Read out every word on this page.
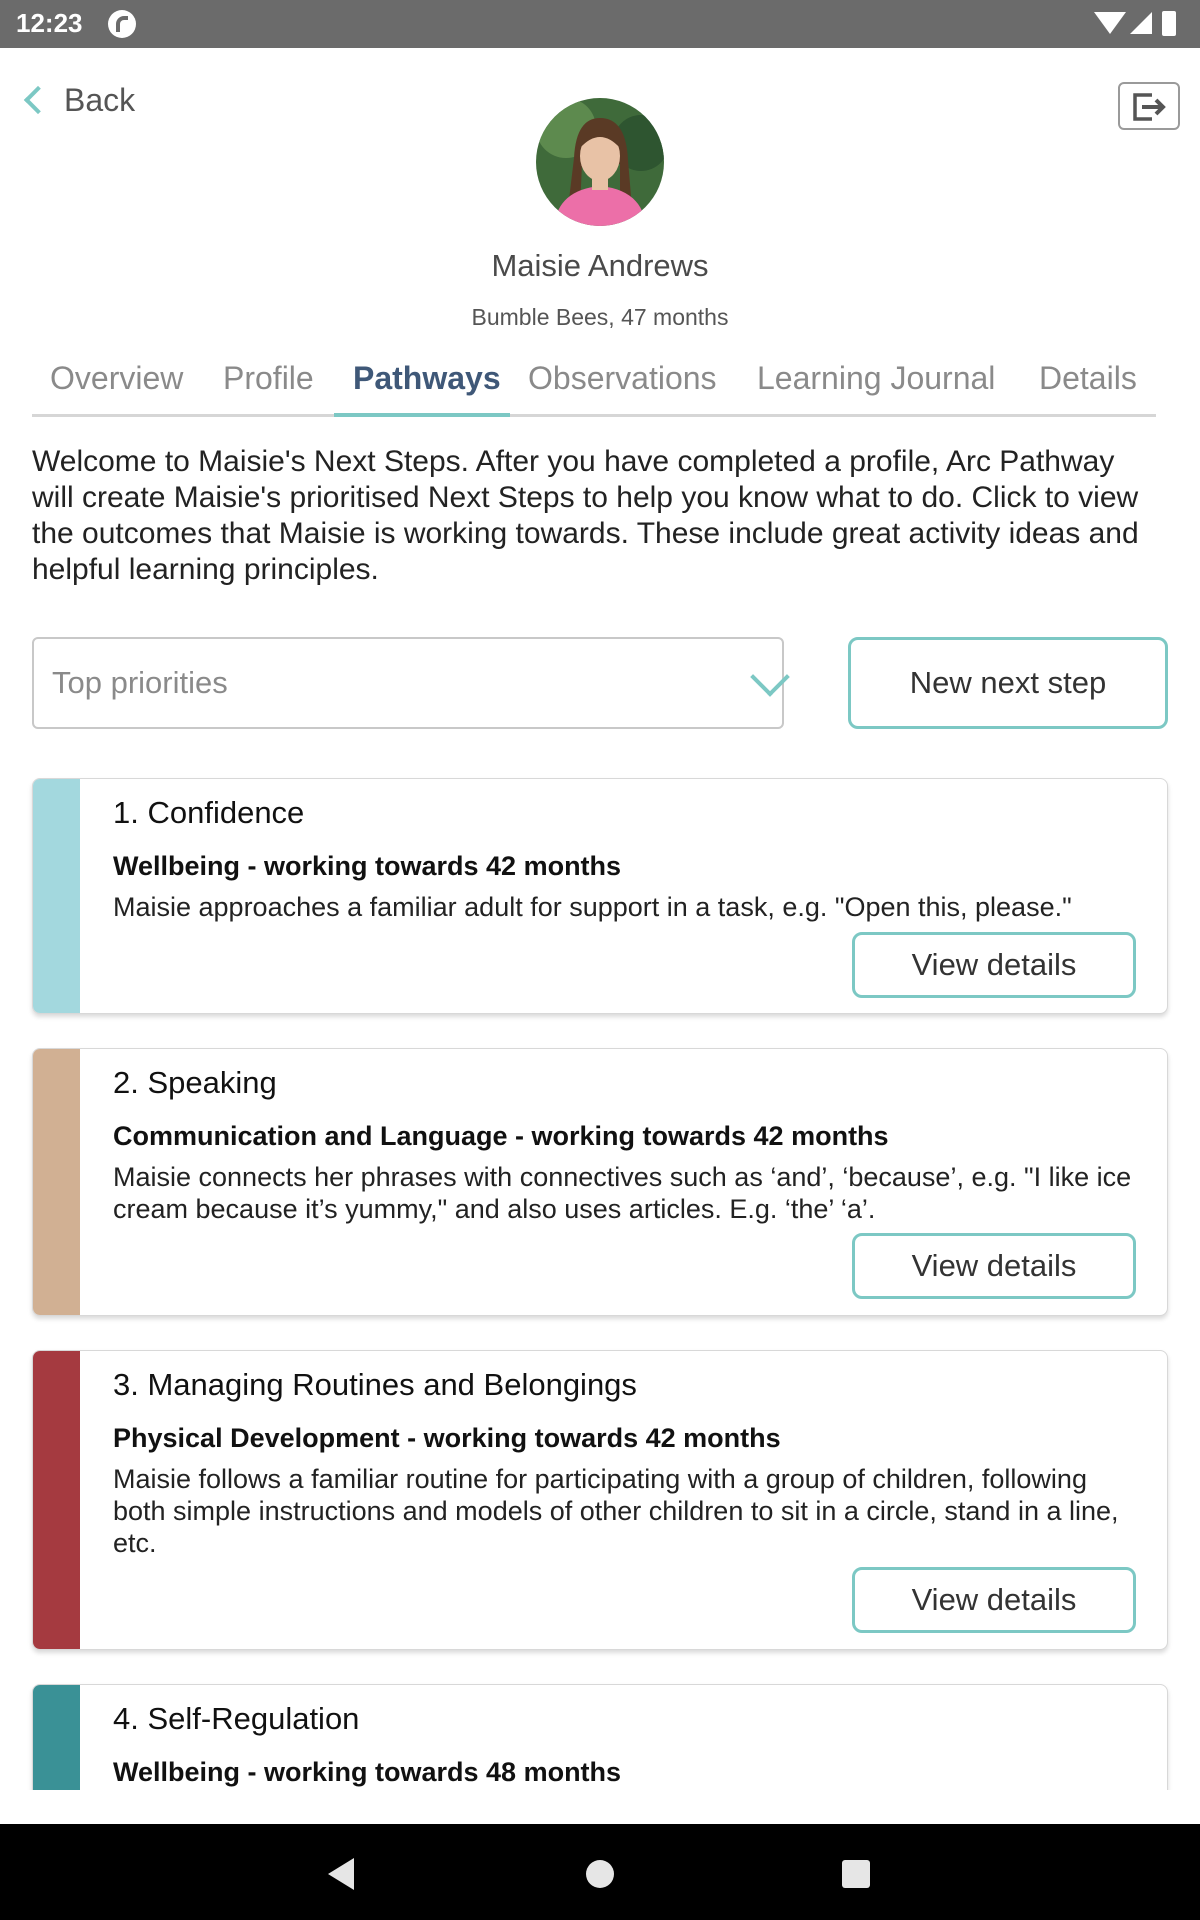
12:23
Back
Maisie Andrews
Bumble Bees, 47 months
Overview Profile Pathways Observations Learning Journal Details
Welcome to Maisie's Next Steps. After you have completed a profile, Arc Pathway will create Maisie's prioritised Next Steps to help you know what to do. Click to view the outcomes that Maisie is working towards. These include great activity ideas and helpful learning principles.
Top priorities	New next step
1. Confidence
Wellbeing - working towards 42 months
Maisie approaches a familiar adult for support in a task, e.g. "Open this, please."
View details
2. Speaking
Communication and Language - working towards 42 months
Maisie connects her phrases with connectives such as ‘and’, ‘because’, e.g. "I like ice cream because it’s yummy," and also uses articles. E.g. ‘the’ ‘a’.
View details
3. Managing Routines and Belongings
Physical Development - working towards 42 months
Maisie follows a familiar routine for participating with a group of children, following both simple instructions and models of other children to sit in a circle, stand in a line, etc.
View details
4. Self-Regulation
Wellbeing - working towards 48 months
